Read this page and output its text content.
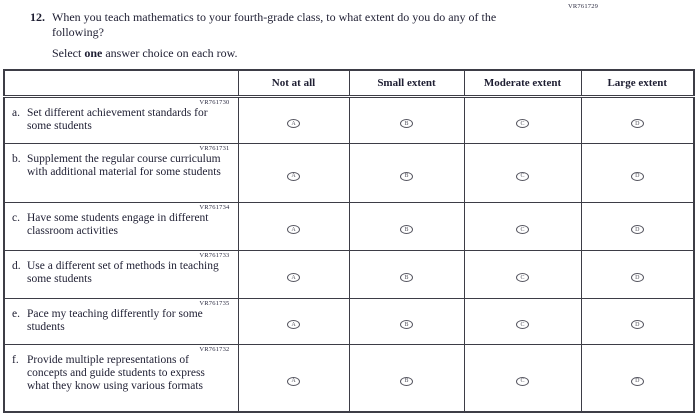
VR761729
12. When you teach mathematics to your fourth-grade class, to what extent do you do any of the following?
Select one answer choice on each row.
	Not at all	Small extent	Moderate extent	Large extent

VR761730
a. Set different achievement standards for some students	A	B	C	D

VR761731
b. Supplement the regular course curriculum with additional material for some students	A	B	C	D

VR761734
c. Have some students engage in different classroom activities	A	B	C	D

VR761733
d. Use a different set of methods in teaching some students	A	B	C	D

VR761735
e. Pace my teaching differently for some students	A	B	C	D

VR761732
f. Provide multiple representations of concepts and guide students to express what they know using various formats	A	B	C	D
